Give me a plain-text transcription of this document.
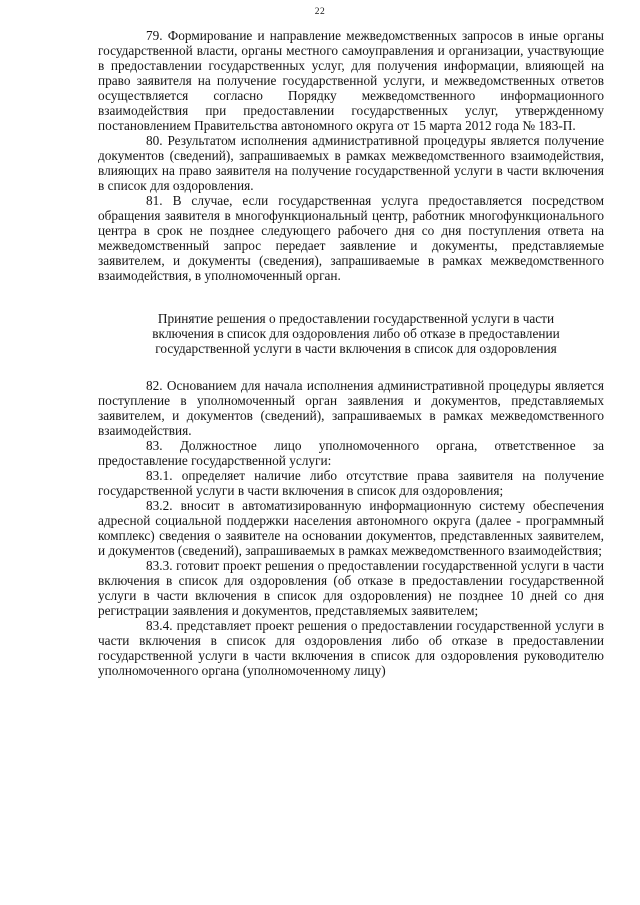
22

79. Формирование и направление межведомственных запросов в иные органы государственной власти, органы местного самоуправления и организации, участвующие в предоставлении государственных услуг, для получения информации, влияющей на право заявителя на получение государственной услуги, и межведомственных ответов осуществляется согласно Порядку межведомственного информационного взаимодействия при предоставлении государственных услуг, утвержденному постановлением Правительства автономного округа от 15 марта 2012 года № 183-П.

80. Результатом исполнения административной процедуры является получение документов (сведений), запрашиваемых в рамках межведомственного взаимодействия, влияющих на право заявителя на получение государственной услуги в части включения в список для оздоровления.

81. В случае, если государственная услуга предоставляется посредством обращения заявителя в многофункциональный центр, работник многофункционального центра в срок не позднее следующего рабочего дня со дня поступления ответа на межведомственный запрос передает заявление и документы, представляемые заявителем, и документы (сведения), запрашиваемые в рамках межведомственного взаимодействия, в уполномоченный орган.

Принятие решения о предоставлении государственной услуги в части включения в список для оздоровления либо об отказе в предоставлении государственной услуги в части включения в список для оздоровления

82. Основанием для начала исполнения административной процедуры является поступление в уполномоченный орган заявления и документов, представляемых заявителем, и документов (сведений), запрашиваемых в рамках межведомственного взаимодействия.

83. Должностное лицо уполномоченного органа, ответственное за предоставление государственной услуги:

83.1. определяет наличие либо отсутствие права заявителя на получение государственной услуги в части включения в список для оздоровления;

83.2. вносит в автоматизированную информационную систему обеспечения адресной социальной поддержки населения автономного округа (далее - программный комплекс) сведения о заявителе на основании документов, представленных заявителем, и документов (сведений), запрашиваемых в рамках межведомственного взаимодействия;

83.3. готовит проект решения о предоставлении государственной услуги в части включения в список для оздоровления (об отказе в предоставлении государственной услуги в части включения в список для оздоровления) не позднее 10 дней со дня регистрации заявления и документов, представляемых заявителем;

83.4. представляет проект решения о предоставлении государственной услуги в части включения в список для оздоровления либо об отказе в предоставлении государственной услуги в части включения в список для оздоровления руководителю уполномоченного органа (уполномоченному лицу)
